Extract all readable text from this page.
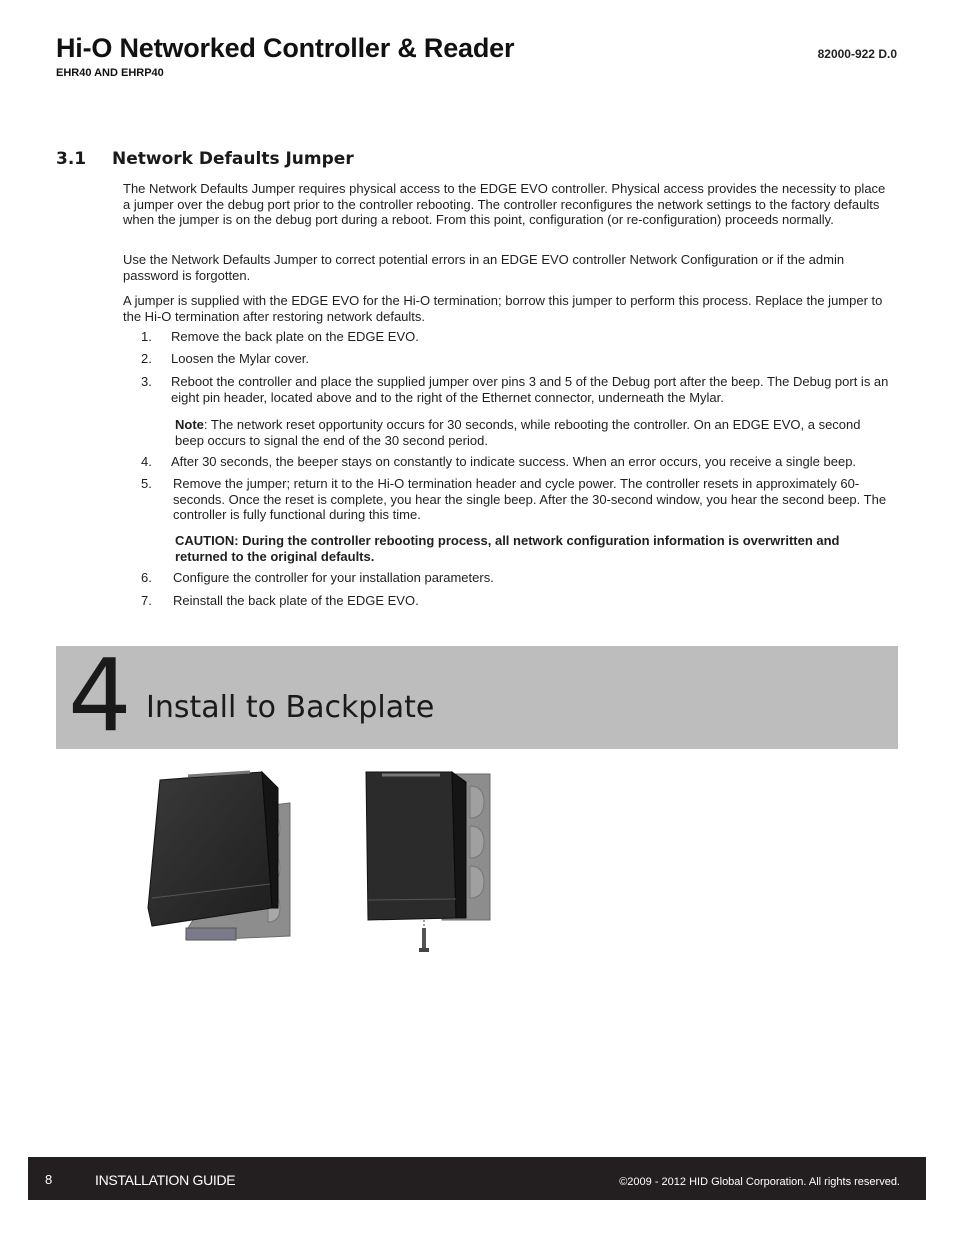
Hi-O Networked Controller & Reader
EHR40 AND EHRP40
82000-922 D.0
3.1 Network Defaults Jumper
The Network Defaults Jumper requires physical access to the EDGE EVO controller. Physical access provides the necessity to place a jumper over the debug port prior to the controller rebooting. The controller reconfigures the network settings to the factory defaults when the jumper is on the debug port during a reboot. From this point, configuration (or re-configuration) proceeds normally.
Use the Network Defaults Jumper to correct potential errors in an EDGE EVO controller Network Configuration or if the admin password is forgotten.
A jumper is supplied with the EDGE EVO for the Hi-O termination; borrow this jumper to perform this process. Replace the jumper to the Hi-O termination after restoring network defaults.
1. Remove the back plate on the EDGE EVO.
2. Loosen the Mylar cover.
3. Reboot the controller and place the supplied jumper over pins 3 and 5 of the Debug port after the beep. The Debug port is an eight pin header, located above and to the right of the Ethernet connector, underneath the Mylar.
Note: The network reset opportunity occurs for 30 seconds, while rebooting the controller. On an EDGE EVO, a second beep occurs to signal the end of the 30 second period.
4. After 30 seconds, the beeper stays on constantly to indicate success. When an error occurs, you receive a single beep.
5. Remove the jumper; return it to the Hi-O termination header and cycle power. The controller resets in approximately 60-seconds. Once the reset is complete, you hear the single beep. After the 30-second window, you hear the second beep. The controller is fully functional during this time.
CAUTION: During the controller rebooting process, all network configuration information is overwritten and returned to the original defaults.
6. Configure the controller for your installation parameters.
7. Reinstall the back plate of the EDGE EVO.
4 Install to Backplate
8	INSTALLATION GUIDE	©2009 - 2012 HID Global Corporation. All rights reserved.
